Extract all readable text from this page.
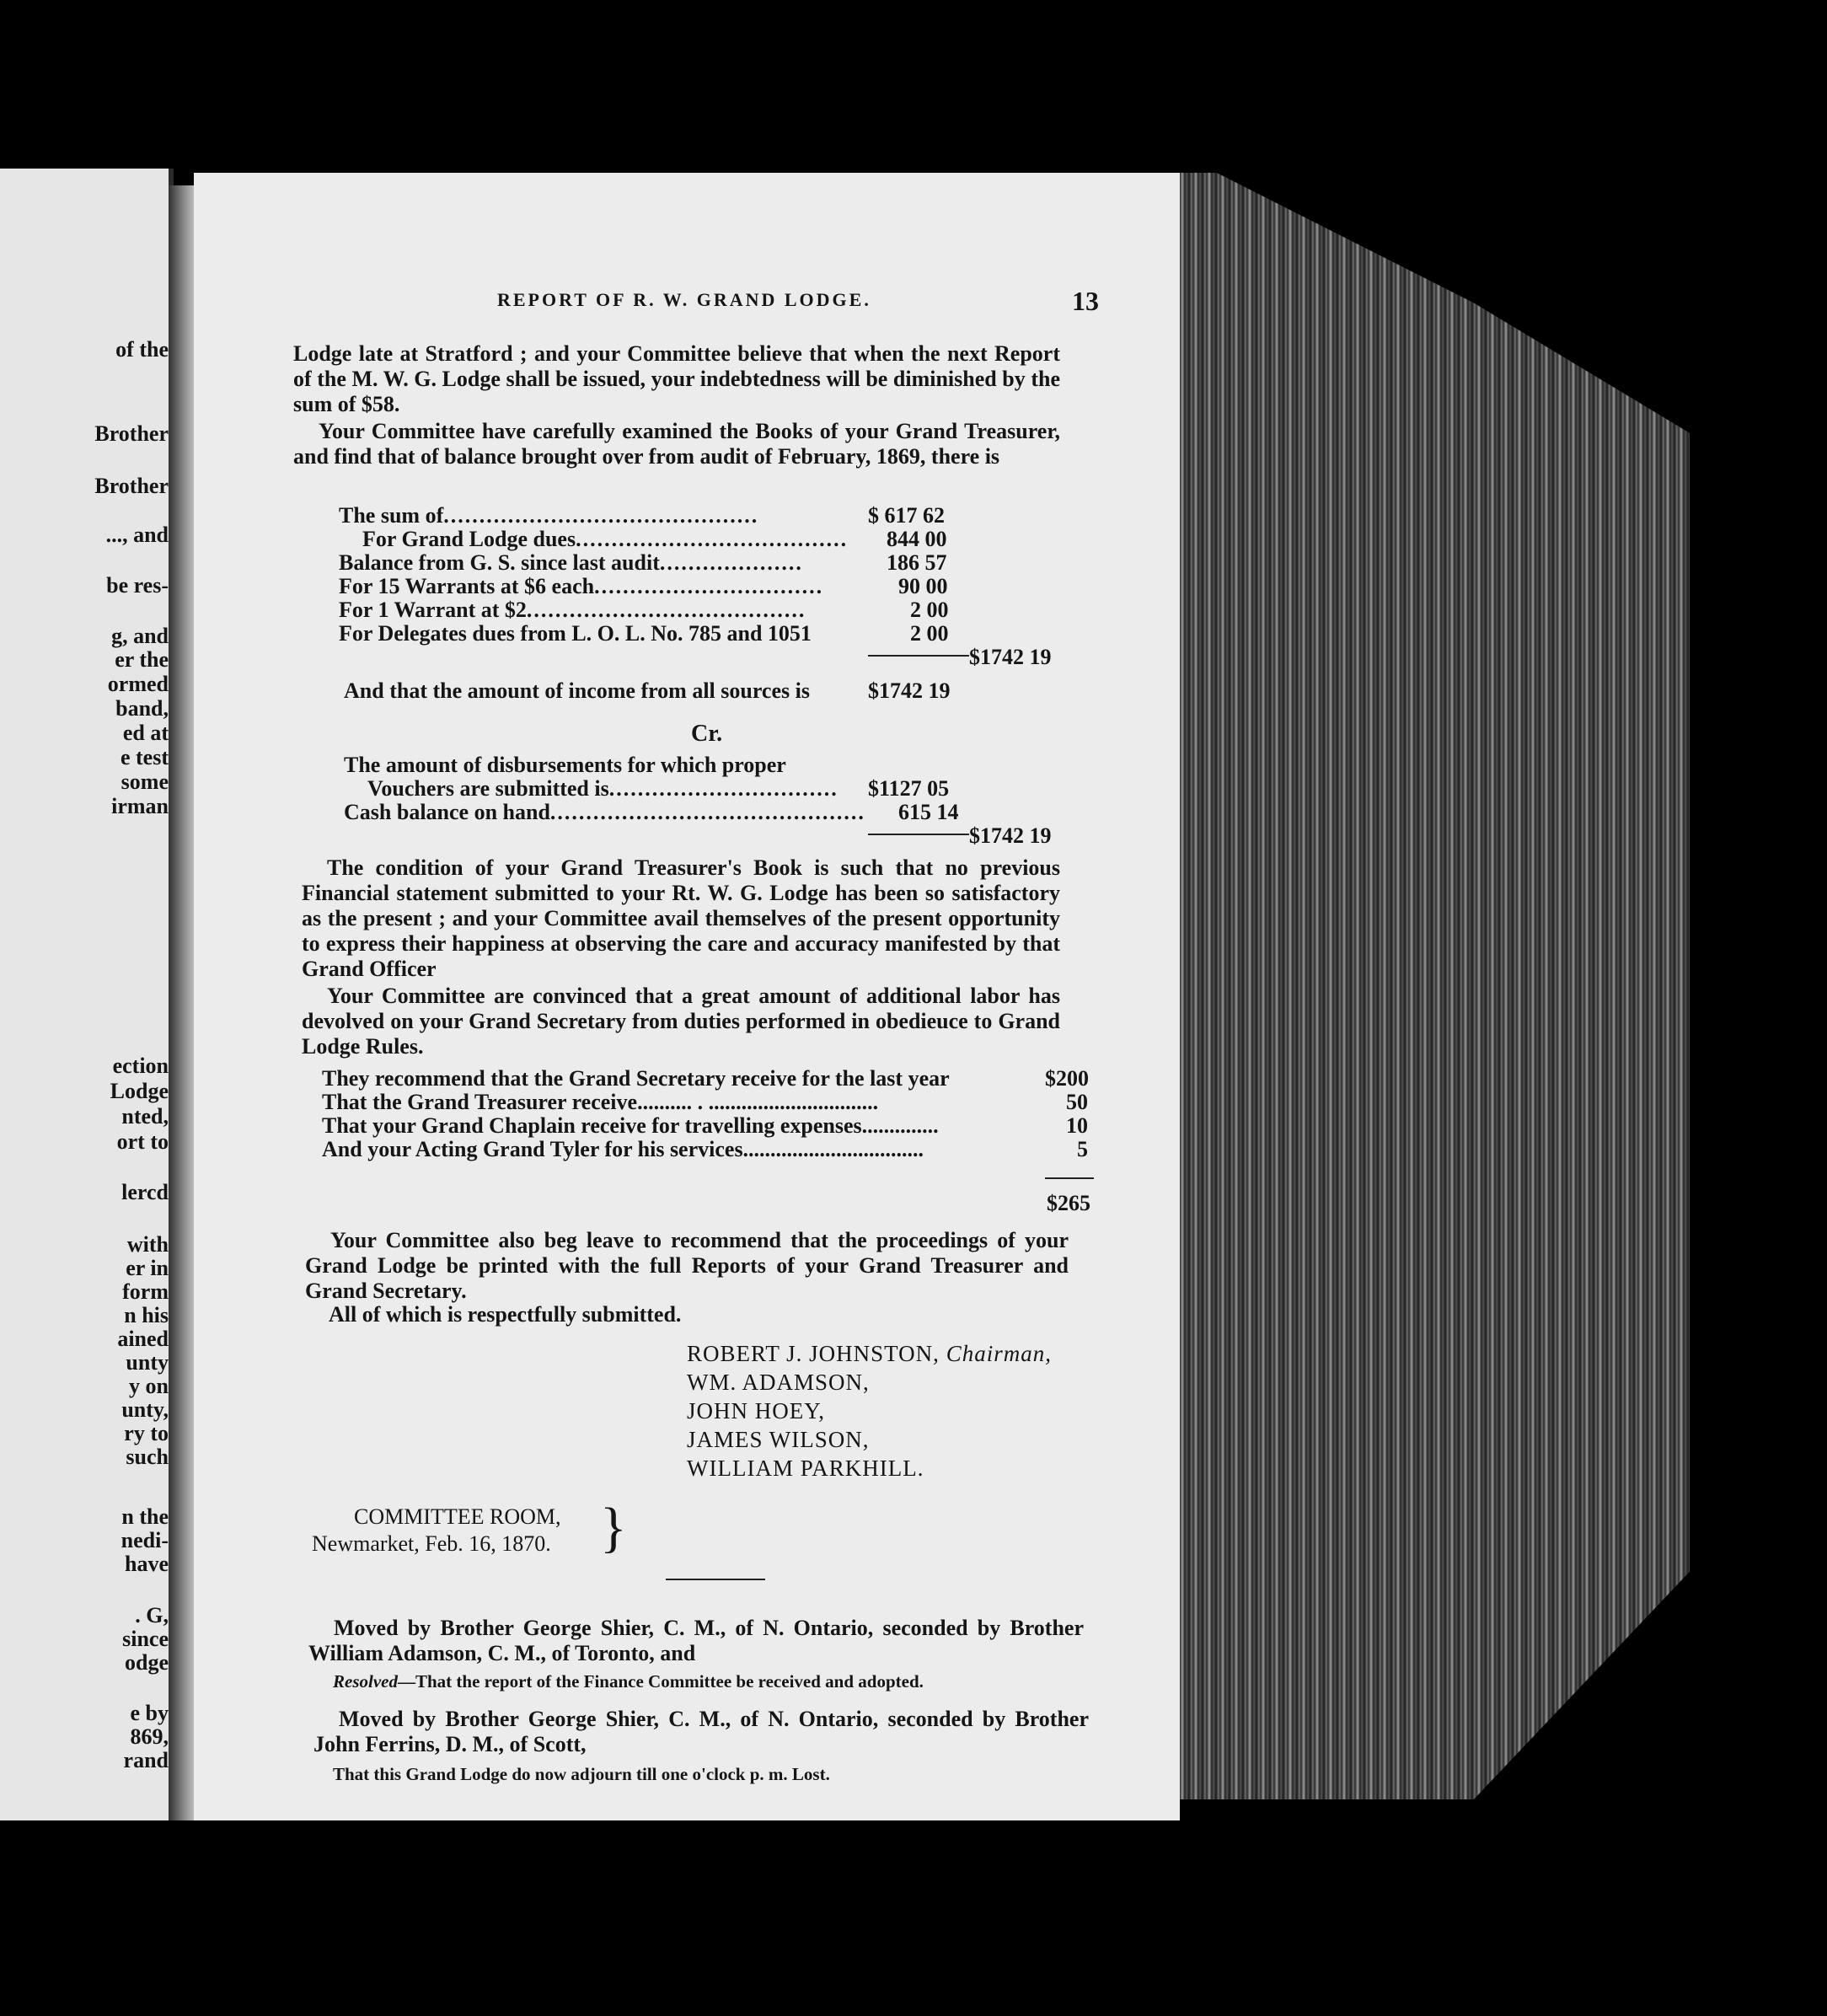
of the
Brother
Brother
..., and
be res-
g, and
er the
ormed
band,
ed at
e test
some
irman
ection
Lodge
nted,
ort to
lercd
with
er in
form
n his
ained
unty
y on
unty,
ry to
such
n the
nedi-
have
. G,
since
odge
e by
869,
rand
REPORT OF R. W. GRAND LODGE.	13
Lodge late at Stratford ; and your Committee believe that when the next Report of the M. W. G. Lodge shall be issued, your indebtedness will be diminished by the sum of $58.
Your Committee have carefully examined the Books of your Grand Treasurer, and find that of balance brought over from audit of February, 1869, there is
The sum of............................................	$ 617 62
For Grand Lodge dues...................................... 844 00
Balance from G. S. since last audit....................	186 57
For 15 Warrants at $6 each................................	90 00
For 1 Warrant at $2.......................................	2 00
For Delegates dues from L. O. L. No. 785 and 1051	2 00
$1742 19
And that the amount of income from all sources is	$1742 19
Cr.
The amount of disbursements for which proper
Vouchers are submitted is................................ $1127 05
Cash balance on hand............................................ 615 14
$1742 19
The condition of your Grand Treasurer's Book is such that no previous Financial statement submitted to your Rt. W. G. Lodge has been so satisfactory as the present ; and your Committee avail themselves of the present opportunity to express their happiness at observing the care and accuracy manifested by that Grand Officer
Your Committee are convinced that a great amount of additional labor has devolved on your Grand Secretary from duties performed in obedieuce to Grand Lodge Rules.
They recommend that the Grand Secretary receive for the last year	$200
That the Grand Treasurer receive.......... . ...............................	50
That your Grand Chaplain receive for travelling expenses..............	10
And your Acting Grand Tyler for his services.................................	5
$265
Your Committee also beg leave to recommend that the proceedings of your Grand Lodge be printed with the full Reports of your Grand Treasurer and Grand Secretary.
All of which is respectfully submitted.
ROBERT J. JOHNSTON, Chairman,
WM. ADAMSON,
JOHN HOEY,
JAMES WILSON,
WILLIAM PARKHILL.
COMMITTEE ROOM,
Newmarket, Feb. 16, 1870. }
Moved by Brother George Shier, C. M., of N. Ontario, seconded by Brother William Adamson, C. M., of Toronto, and
Resolved—That the report of the Finance Committee be received and adopted.
Moved by Brother George Shier, C. M., of N. Ontario, seconded by Brother John Ferrins, D. M., of Scott,
That this Grand Lodge do now adjourn till one o'clock p. m. Lost.
